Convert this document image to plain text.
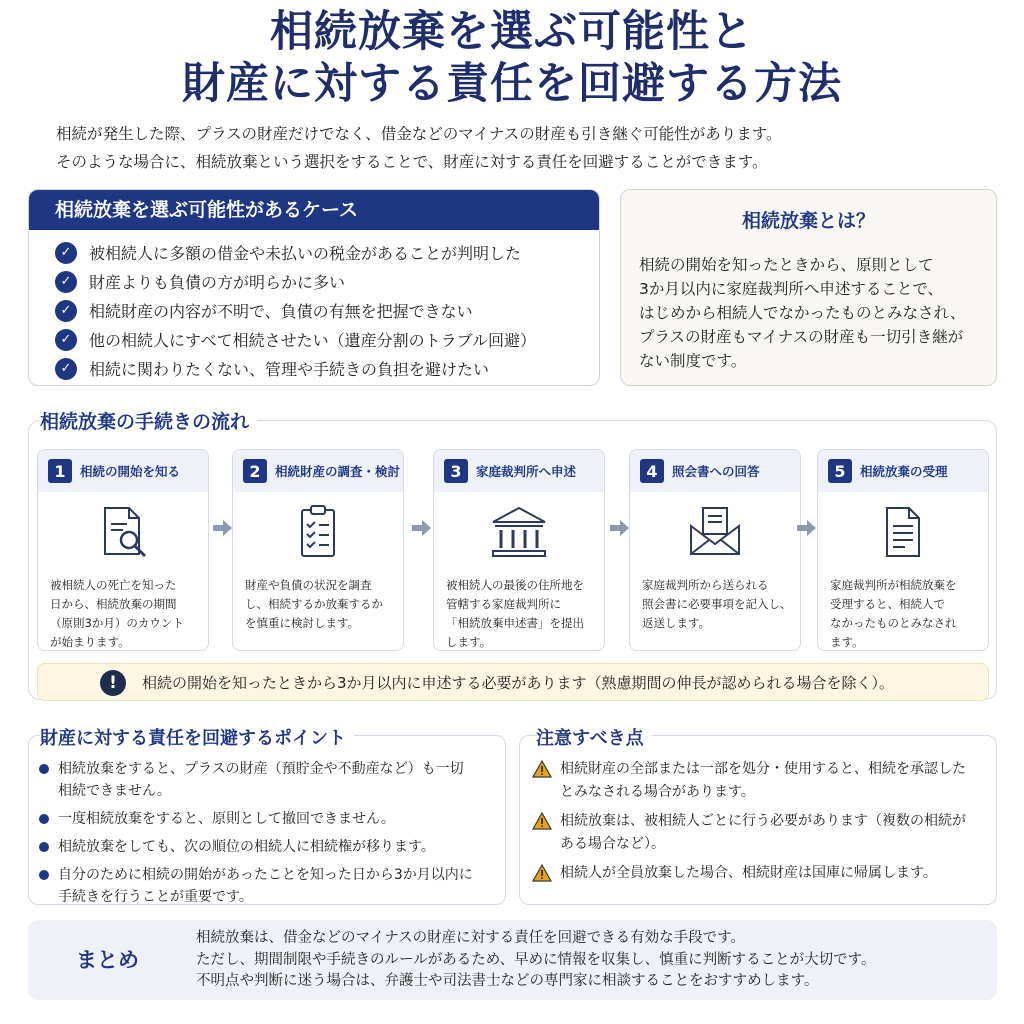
相続放棄を選ぶ可能性と
財産に対する責任を回避する方法
相続が発生した際、プラスの財産だけでなく、借金などのマイナスの財産も引き継ぐ可能性があります。
そのような場合に、相続放棄という選択をすることで、財産に対する責任を回避することができます。
相続放棄を選ぶ可能性があるケース
✓	被相続人に多額の借金や未払いの税金があることが判明した
✓	財産よりも負債の方が明らかに多い
✓	相続財産の内容が不明で、負債の有無を把握できない
✓	他の相続人にすべて相続させたい（遺産分割のトラブル回避）
✓	相続に関わりたくない、管理や手続きの負担を避けたい
相続放棄とは？
相続の開始を知ったときから、原則として
3か月以内に家庭裁判所へ申述することで、
はじめから相続人でなかったものとみなされ、
プラスの財産もマイナスの財産も一切引き継が
ない制度です。
1	相続の開始を知る
被相続人の死亡を知った
日から、相続放棄の期間
（原則3か月）のカウント
が始まります。
2	相続財産の調査・検討
財産や負債の状況を調査
し、相続するか放棄するか
を慎重に検討します。
3	家庭裁判所へ申述
被相続人の最後の住所地を
管轄する家庭裁判所に
「相続放棄申述書」を提出
します。
4	照会書への回答
家庭裁判所から送られる
照会書に必要事項を記入し、
返送します。
5	相続放棄の受理
家庭裁判所が相続放棄を
受理すると、相続人で
なかったものとみなされ
ます。
!	相続の開始を知ったときから3か月以内に申述する必要があります（熟慮期間の伸長が認められる場合を除く）。
相続放棄の手続きの流れ
相続放棄をすると、プラスの財産（預貯金や不動産など）も一切
相続できません。
一度相続放棄をすると、原則として撤回できません。
相続放棄をしても、次の順位の相続人に相続権が移ります。
自分のために相続の開始があったことを知った日から3か月以内に
手続きを行うことが重要です。
財産に対する責任を回避するポイント
相続財産の全部または一部を処分・使用すると、相続を承認した
とみなされる場合があります。
相続放棄は、被相続人ごとに行う必要があります（複数の相続が
ある場合など）。
相続人が全員放棄した場合、相続財産は国庫に帰属します。
注意すべき点
まとめ
相続放棄は、借金などのマイナスの財産に対する責任を回避できる有効な手段です。
ただし、期間制限や手続きのルールがあるため、早めに情報を収集し、慎重に判断することが大切です。
不明点や判断に迷う場合は、弁護士や司法書士などの専門家に相談することをおすすめします。
